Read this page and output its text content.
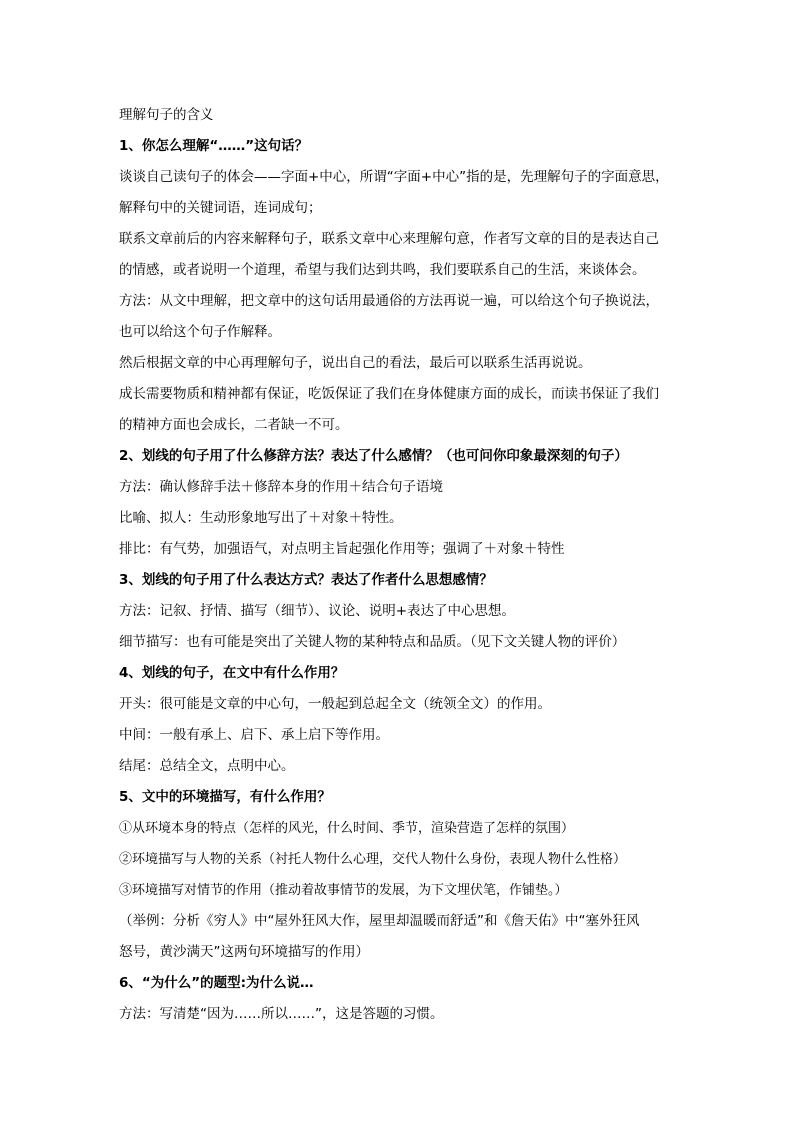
理解句子的含义
1、你怎么理解“……”这句话？
谈谈自己读句子的体会——字面+中心，所谓“字面+中心”指的是，先理解句子的字面意思，
解释句中的关键词语，连词成句；
联系文章前后的内容来解释句子，联系文章中心来理解句意，作者写文章的目的是表达自己
的情感，或者说明一个道理，希望与我们达到共鸣，我们要联系自己的生活，来谈体会。
方法：从文中理解，把文章中的这句话用最通俗的方法再说一遍，可以给这个句子换说法，
也可以给这个句子作解释。
然后根据文章的中心再理解句子，说出自己的看法，最后可以联系生活再说说。
成长需要物质和精神都有保证，吃饭保证了我们在身体健康方面的成长，而读书保证了我们
的精神方面也会成长，二者缺一不可。
2、划线的句子用了什么修辞方法？表达了什么感情？（也可问你印象最深刻的句子）
方法：确认修辞手法＋修辞本身的作用＋结合句子语境
比喻、拟人：生动形象地写出了＋对象＋特性。
排比：有气势，加强语气，对点明主旨起强化作用等；强调了＋对象＋特性
3、划线的句子用了什么表达方式？表达了作者什么思想感情？
方法：记叙、抒情、描写（细节）、议论、说明+表达了中心思想。
细节描写：也有可能是突出了关键人物的某种特点和品质。（见下文关键人物的评价）
4、划线的句子，在文中有什么作用？
开头：很可能是文章的中心句，一般起到总起全文（统领全文）的作用。
中间：一般有承上、启下、承上启下等作用。
结尾：总结全文，点明中心。
5、文中的环境描写，有什么作用？
①从环境本身的特点（怎样的风光，什么时间、季节，渲染营造了怎样的氛围）
②环境描写与人物的关系（衬托人物什么心理，交代人物什么身份，表现人物什么性格）
③环境描写对情节的作用（推动着故事情节的发展，为下文埋伏笔，作铺垫。）
（举例：分析《穷人》中“屋外狂风大作，屋里却温暖而舒适”和《詹天佑》中“塞外狂风
怒号，黄沙满天”这两句环境描写的作用）
6、“为什么”的题型:为什么说…
方法：写清楚“因为……所以……”，这是答题的习惯。
